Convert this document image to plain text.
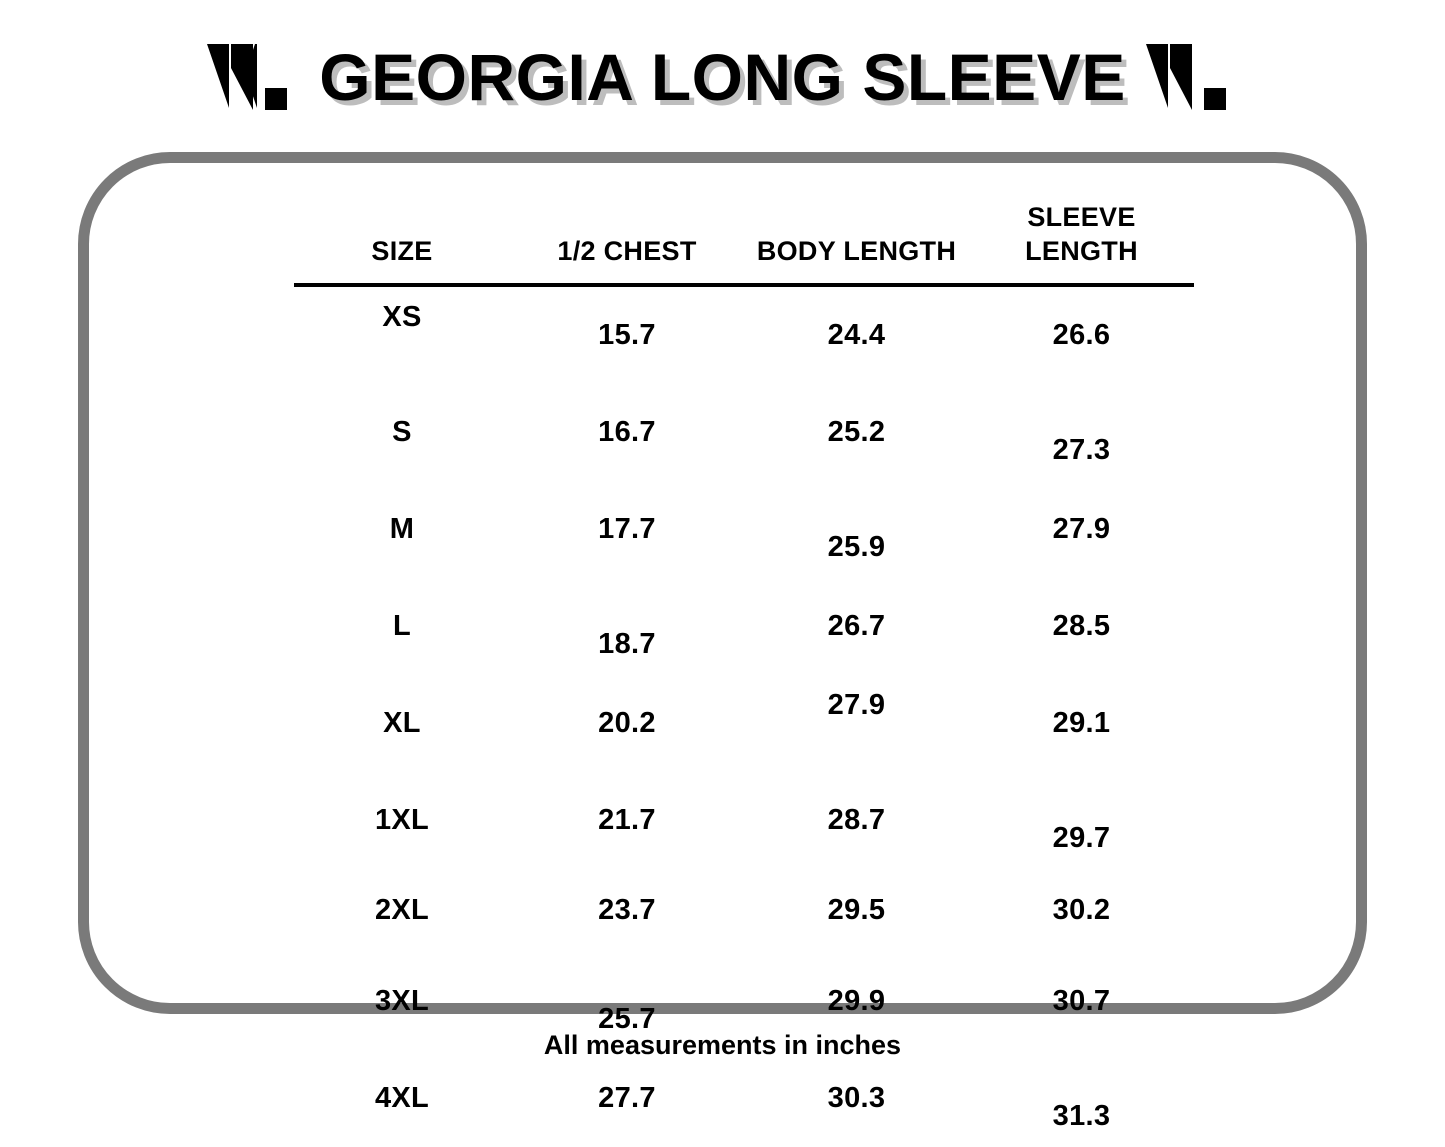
GEORGIA LONG SLEEVE
SIZE	1/2 CHEST	BODY LENGTH	SLEEVE LENGTH
XS	15.7	24.4	26.6
S	16.7	25.2	27.3
M	17.7	25.9	27.9
L	18.7	26.7	28.5
XL	20.2	27.9	29.1
1XL	21.7	28.7	29.7
2XL	23.7	29.5	30.2
3XL	25.7	29.9	30.7
4XL	27.7	30.3	31.3
All measurements in inches
